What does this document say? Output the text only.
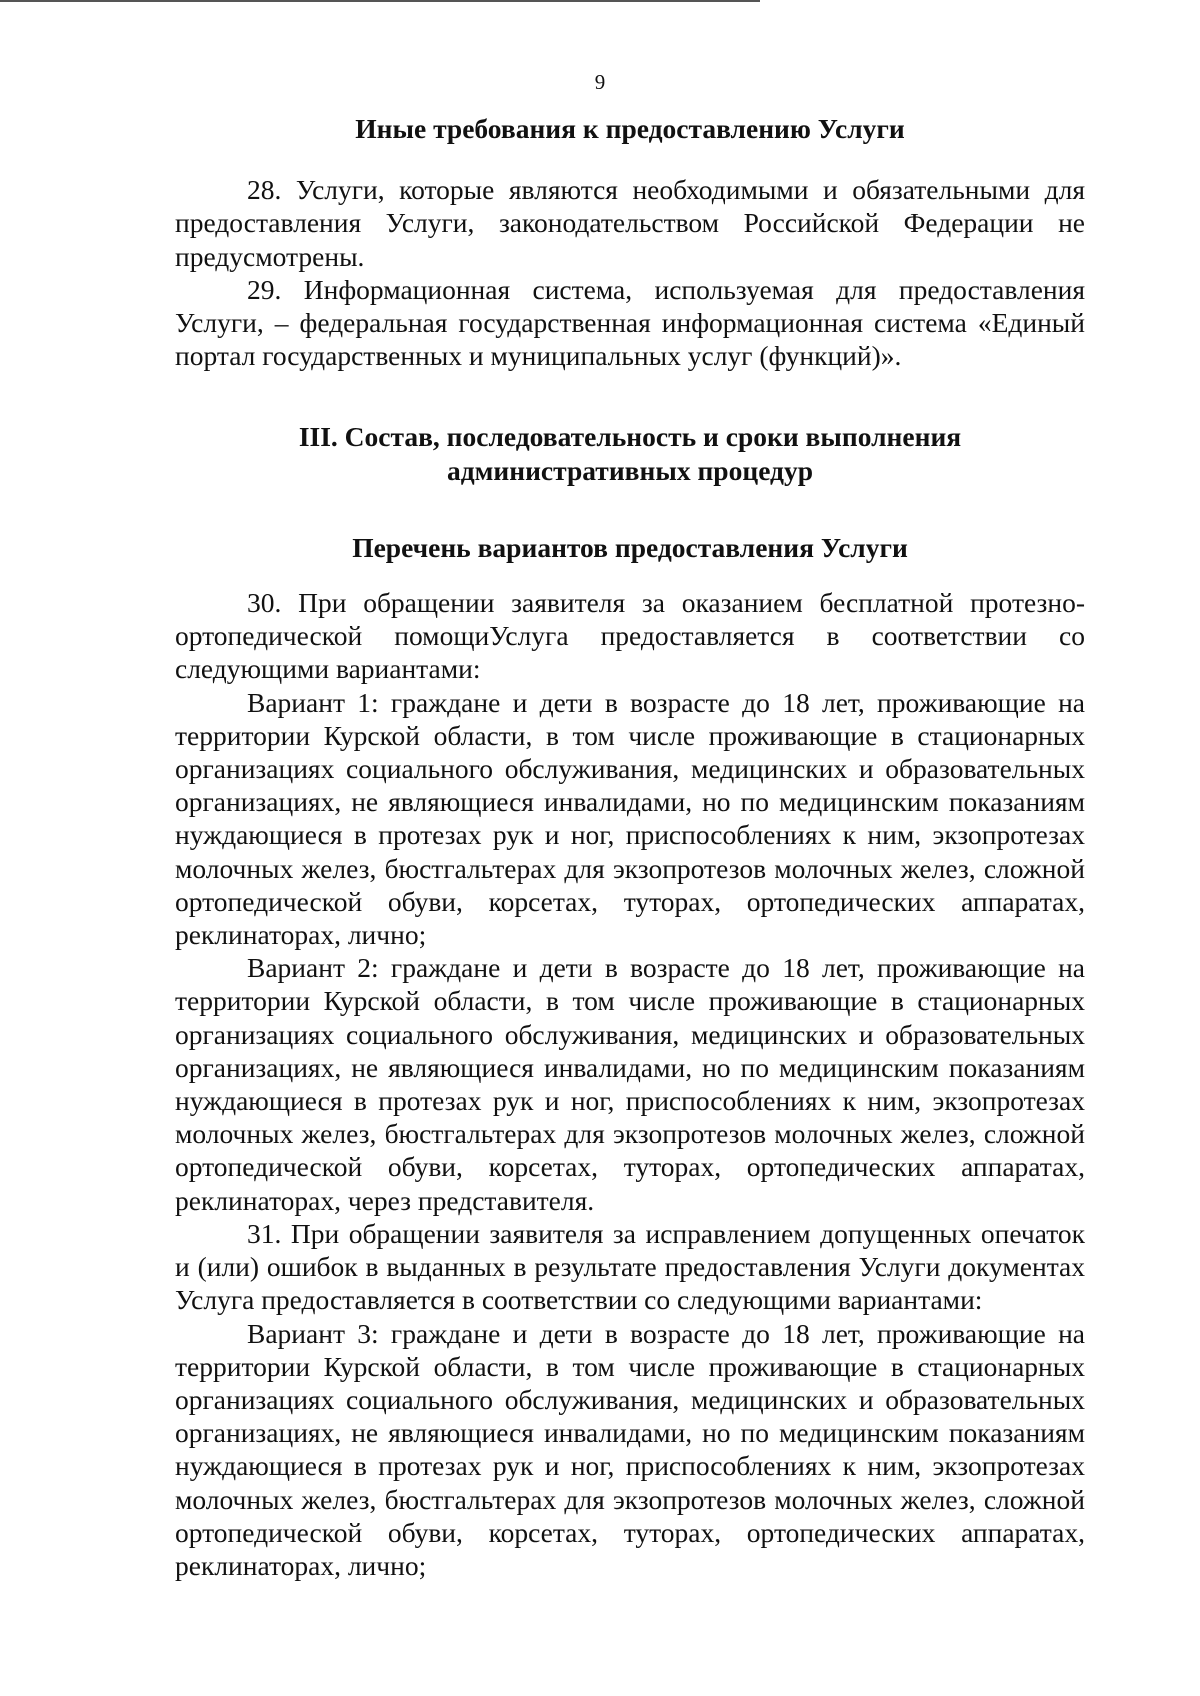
9

Иные требования к предоставлению Услуги

28. Услуги, которые являются необходимыми и обязательными для предоставления Услуги, законодательством Российской Федерации не предусмотрены.

29. Информационная система, используемая для предоставления Услуги, – федеральная государственная информационная система «Единый портал государственных и муниципальных услуг (функций)».

III. Состав, последовательность и сроки выполнения

административных процедур

Перечень вариантов предоставления Услуги

30. При обращении заявителя за оказанием бесплатной протезно-ортопедической помощиУслуга предоставляется в соответствии со следующими вариантами:

Вариант 1: граждане и дети в возрасте до 18 лет, проживающие на территории Курской области, в том числе проживающие в стационарных организациях социального обслуживания, медицинских и образовательных организациях, не являющиеся инвалидами, но по медицинским показаниям нуждающиеся в протезах рук и ног, приспособлениях к ним, экзопротезах молочных желез, бюстгальтерах для экзопротезов молочных желез, сложной ортопедической обуви, корсетах, туторах, ортопедических аппаратах, реклинаторах, лично;

Вариант 2: граждане и дети в возрасте до 18 лет, проживающие на территории Курской области, в том числе проживающие в стационарных организациях социального обслуживания, медицинских и образовательных организациях, не являющиеся инвалидами, но по медицинским показаниям нуждающиеся в протезах рук и ног, приспособлениях к ним, экзопротезах молочных желез, бюстгальтерах для экзопротезов молочных желез, сложной ортопедической обуви, корсетах, туторах, ортопедических аппаратах, реклинаторах, через представителя.

31. При обращении заявителя за исправлением допущенных опечаток и (или) ошибок в выданных в результате предоставления Услуги документах Услуга предоставляется в соответствии со следующими вариантами:

Вариант 3: граждане и дети в возрасте до 18 лет, проживающие на территории Курской области, в том числе проживающие в стационарных организациях социального обслуживания, медицинских и образовательных организациях, не являющиеся инвалидами, но по медицинским показаниям нуждающиеся в протезах рук и ног, приспособлениях к ним, экзопротезах молочных желез, бюстгальтерах для экзопротезов молочных желез, сложной ортопедической обуви, корсетах, туторах, ортопедических аппаратах, реклинаторах, лично;
